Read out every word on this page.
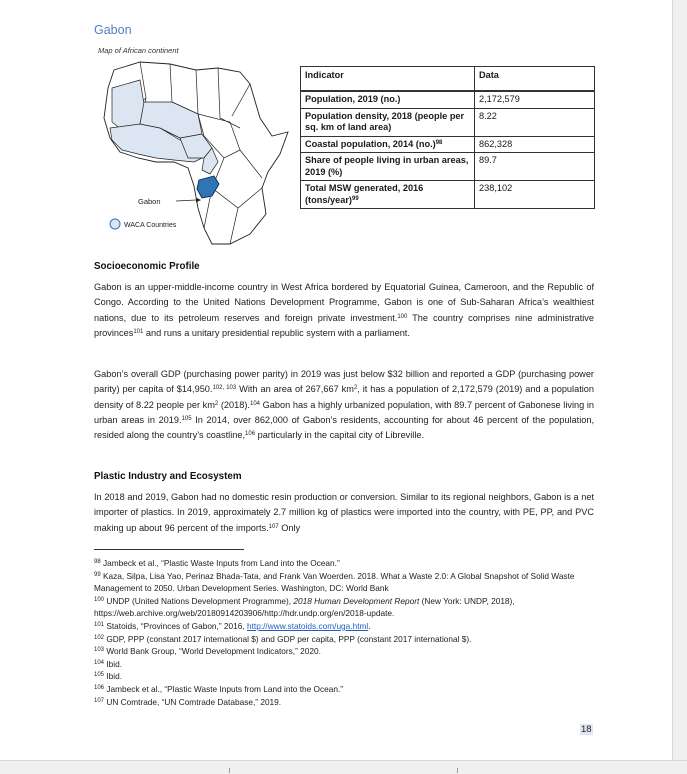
Gabon
Map of African continent
Gabon
WACA Countries
Indicator	Data
Population, 2019 (no.)	2,172,579
Population density, 2018 (people per sq. km of land area)	8.22
Coastal population, 2014 $(no.)^{98}$	862,328
Share of people living in urban areas, 2019 (%)	89.7
Total MSW generated, 2016 (tons/year)$^{99}$	238,102
Socioeconomic Profile
Gabon is an upper-middle-income country in West Africa bordered by Equatorial Guinea, Cameroon, and the Republic of Congo. According to the United Nations Development Programme, Gabon is one of Sub-Saharan Africa’s wealthiest nations, due to its petroleum reserves and foreign private investment.$^{100}$ The country comprises nine administrative provinces$^{101}$ and runs a unitary presidential republic system with a parliament.
Gabon’s overall GDP (purchasing power parity) in 2019 was just below $32 billion and reported a GDP (purchasing power parity) per capita of $14,950.$^{102, 103}$ With an area of 267,667 $km^2$, it has a population of 2,172,579 (2019) and a population density of 8.22 people per $km^2$ (2018).$^{104}$ Gabon has a highly urbanized population, with 89.7 percent of Gabonese living in urban areas in 2019.$^{105}$ In 2014, over 862,000 of Gabon’s residents, accounting for about 46 percent of the population, resided along the country’s coastline,$^{106}$ particularly in the capital city of Libreville.
Plastic Industry and Ecosystem
In 2018 and 2019, Gabon had no domestic resin production or conversion. Similar to its regional neighbors, Gabon is a net importer of plastics. In 2019, approximately 2.7 million kg of plastics were imported into the country, with PE, PP, and PVC making up about 96 percent of the imports.$^{107}$ Only

$^{98}$ Jambeck et al., “Plastic Waste Inputs from Land into the Ocean.”

$^{99}$ Kaza, Silpa, Lisa Yao, Perinaz Bhada-Tata, and Frank Van Woerden. 2018. What a Waste 2.0: A Global Snapshot of Solid Waste Management to 2050. Urban Development Series. Washington, DC: World Bank

$^{100}$ UNDP (United Nations Development Programme), 2018 Human Development Report (New York: UNDP, 2018), https://web.archive.org/web/20180914203906/http://hdr.undp.org/en/2018-update.

$^{101}$ Statoids, “Provinces of Gabon,” 2016, http://www.statoids.com/uga.html.

$^{102}$ GDP, PPP (constant 2017 international $) and GDP per capita, PPP (constant 2017 international $).

$^{103}$ World Bank Group, “World Development Indicators,” 2020.

$^{104}$ Ibid.

$^{105}$ Ibid.

$^{106}$ Jambeck et al., “Plastic Waste Inputs from Land into the Ocean.”

$^{107}$ UN Comtrade, “UN Comtrade Database,” 2019.

18
